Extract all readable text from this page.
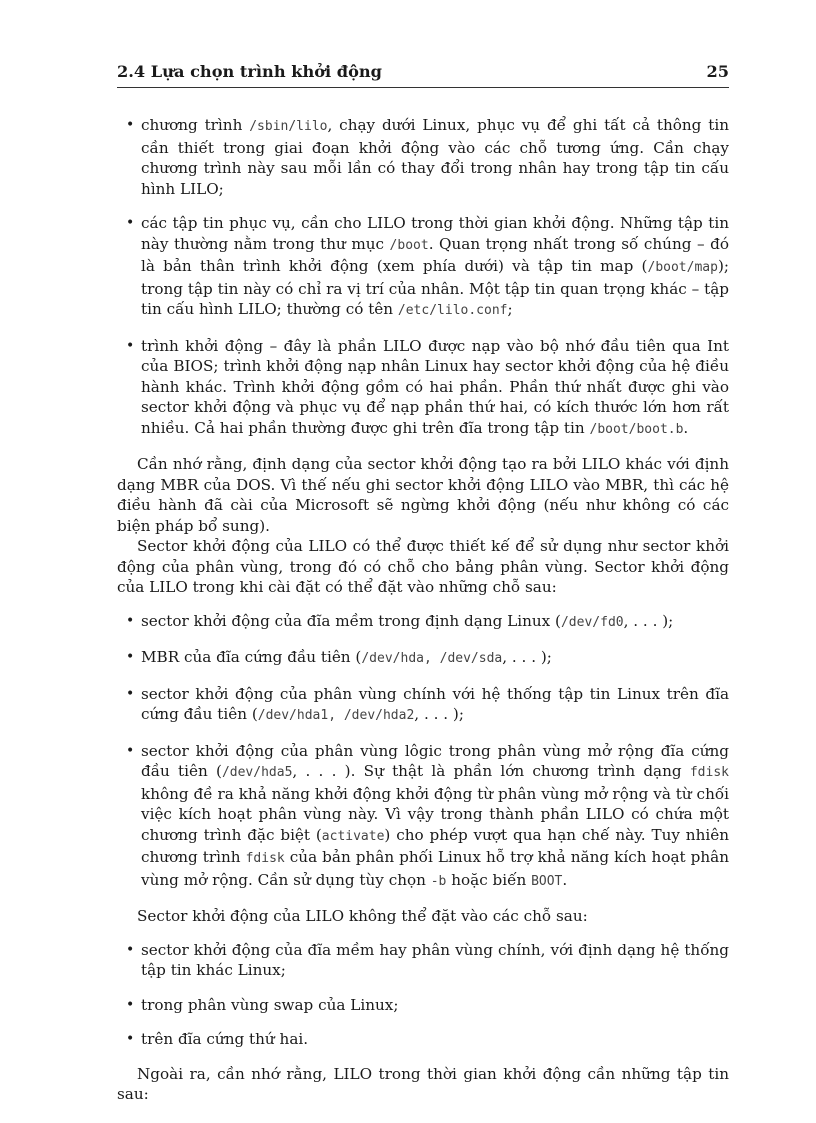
2.4 Lựa chọn trình khởi động	25
• chương trình /sbin/lilo, chạy dưới Linux, phục vụ để ghi tất cả thông tin cần thiết trong giai đoạn khởi động vào các chỗ tương ứng. Cần chạy chương trình này sau mỗi lần có thay đổi trong nhân hay trong tập tin cấu hình LILO;
• các tập tin phục vụ, cần cho LILO trong thời gian khởi động. Những tập tin này thường nằm trong thư mục /boot. Quan trọng nhất trong số chúng – đó là bản thân trình khởi động (xem phía dưới) và tập tin map (/boot/map); trong tập tin này có chỉ ra vị trí của nhân. Một tập tin quan trọng khác – tập tin cấu hình LILO; thường có tên /etc/lilo.conf;
• trình khởi động – đây là phần LILO được nạp vào bộ nhớ đầu tiên qua Int của BIOS; trình khởi động nạp nhân Linux hay sector khởi động của hệ điều hành khác. Trình khởi động gồm có hai phần. Phần thứ nhất được ghi vào sector khởi động và phục vụ để nạp phần thứ hai, có kích thước lớn hơn rất nhiều. Cả hai phần thường được ghi trên đĩa trong tập tin /boot/boot.b.

Cần nhớ rằng, định dạng của sector khởi động tạo ra bởi LILO khác với định dạng MBR của DOS. Vì thế nếu ghi sector khởi động LILO vào MBR, thì các hệ điều hành đã cài của Microsoft sẽ ngừng khởi động (nếu như không có các biện pháp bổ sung).

Sector khởi động của LILO có thể được thiết kế để sử dụng như sector khởi động của phân vùng, trong đó có chỗ cho bảng phân vùng. Sector khởi động của LILO trong khi cài đặt có thể đặt vào những chỗ sau:

• sector khởi động của đĩa mềm trong định dạng Linux (/dev/fd0, . . . );
• MBR của đĩa cứng đầu tiên (/dev/hda, /dev/sda, . . . );
• sector khởi động của phân vùng chính với hệ thống tập tin Linux trên đĩa cứng đầu tiên (/dev/hda1, /dev/hda2, . . . );
• sector khởi động của phân vùng lôgic trong phân vùng mở rộng đĩa cứng đầu tiên (/dev/hda5, . . . ). Sự thật là phần lớn chương trình dạng fdisk không đề ra khả năng khởi động khởi động từ phân vùng mở rộng và từ chối việc kích hoạt phân vùng này. Vì vậy trong thành phần LILO có chứa một chương trình đặc biệt (activate) cho phép vượt qua hạn chế này. Tuy nhiên chương trình fdisk của bản phân phối Linux hỗ trợ khả năng kích hoạt phân vùng mở rộng. Cần sử dụng tùy chọn -b hoặc biến BOOT.

Sector khởi động của LILO không thể đặt vào các chỗ sau:

• sector khởi động của đĩa mềm hay phân vùng chính, với định dạng hệ thống tập tin khác Linux;
• trong phân vùng swap của Linux;
• trên đĩa cứng thứ hai.

Ngoài ra, cần nhớ rằng, LILO trong thời gian khởi động cần những tập tin sau:
